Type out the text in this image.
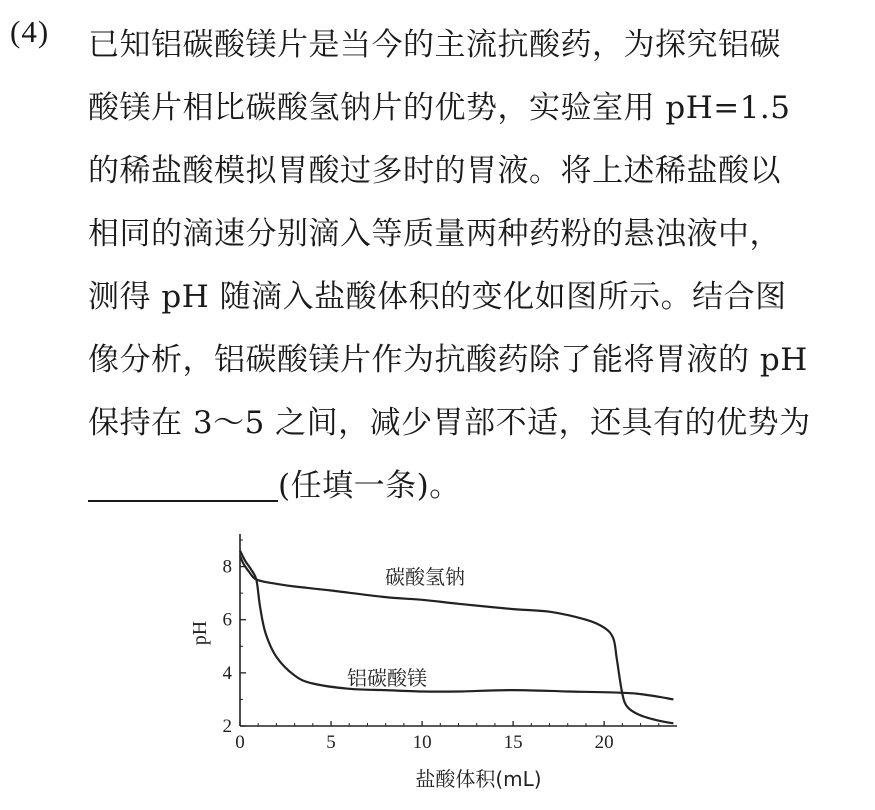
(4) 已知铝碳酸镁片是当今的主流抗酸药，为探究铝碳
酸镁片相比碳酸氢钠片的优势，实验室用 pH=1.5
的稀盐酸模拟胃酸过多时的胃液。将上述稀盐酸以
相同的滴速分别滴入等质量两种药粉的悬浊液中，
测得 pH 随滴入盐酸体积的变化如图所示。结合图
像分析，铝碳酸镁片作为抗酸药除了能将胃液的 pH
保持在 3～5 之间，减少胃部不适，还具有的优势为
(任填一条)。
0	5	10	15	20
2
4
6
8	碳酸氢钠
铝碳酸镁
盐酸体积(mL)
pH
